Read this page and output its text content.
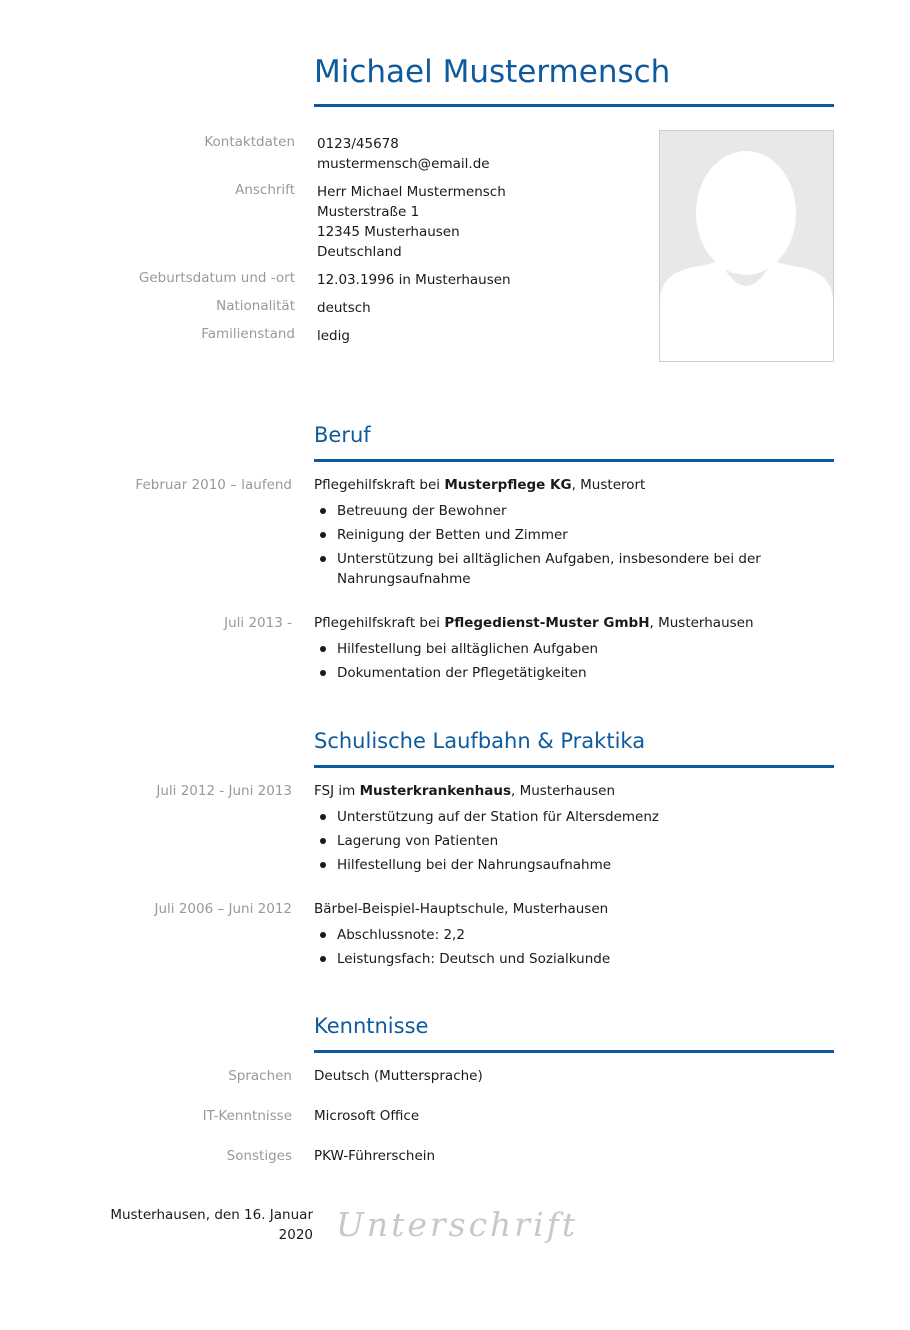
Michael Mustermensch
Kontaktdaten 0123/45678
mustermensch@email.de
Anschrift Herr Michael Mustermensch
Musterstraße 1
12345 Musterhausen
Deutschland
Geburtsdatum und -ort 12.03.1996 in Musterhausen
Nationalität deutsch
Familienstand ledig
Beruf
Februar 2010 – laufend Pflegehilfskraft bei Musterpflege KG, Musterort
Betreuung der Bewohner
Reinigung der Betten und Zimmer
Unterstützung bei alltäglichen Aufgaben, insbesondere bei der Nahrungsaufnahme
Juli 2013 - Pflegehilfskraft bei Pflegedienst-Muster GmbH, Musterhausen
Hilfestellung bei alltäglichen Aufgaben
Dokumentation der Pflegetätigkeiten
Schulische Laufbahn & Praktika
Juli 2012 - Juni 2013 FSJ im Musterkrankenhaus, Musterhausen
Unterstützung auf der Station für Altersdemenz
Lagerung von Patienten
Hilfestellung bei der Nahrungsaufnahme
Juli 2006 – Juni 2012 Bärbel-Beispiel-Hauptschule, Musterhausen
Abschlussnote: 2,2
Leistungsfach: Deutsch und Sozialkunde
Kenntnisse
Sprachen Deutsch (Muttersprache)
IT-Kenntnisse Microsoft Office
Sonstiges PKW-Führerschein
Musterhausen, den 16. Januar
2020 Unterschrift
